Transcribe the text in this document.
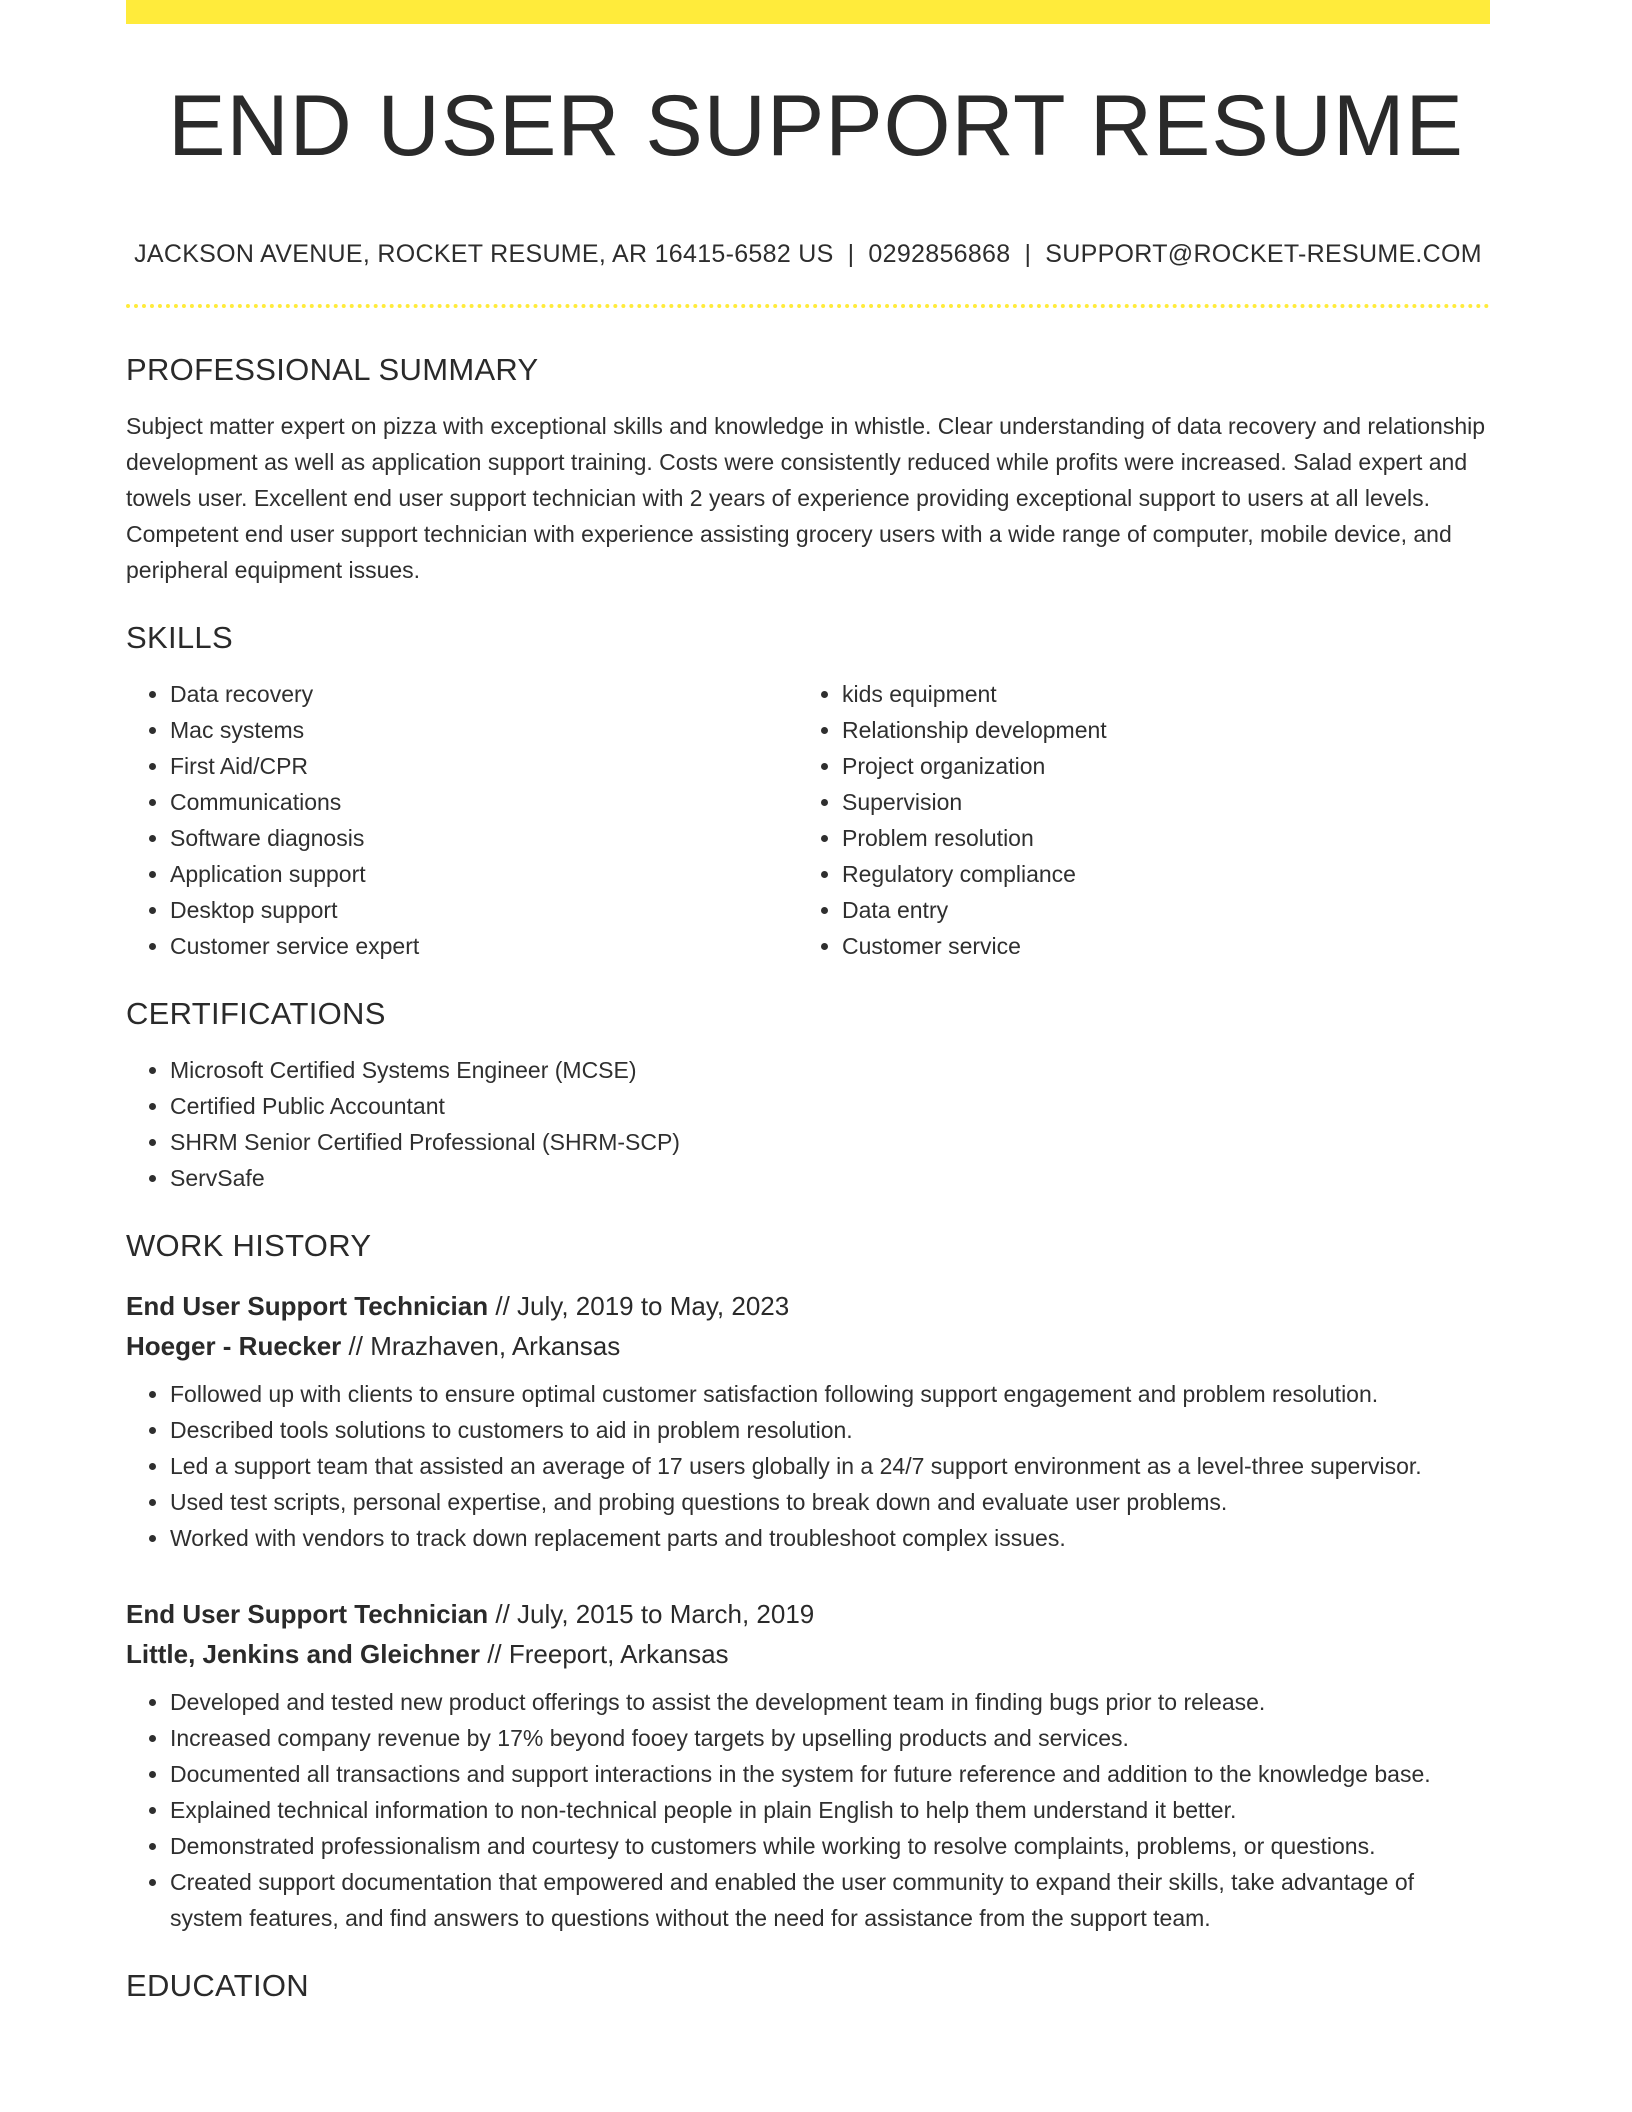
END USER SUPPORT RESUME
JACKSON AVENUE, ROCKET RESUME, AR 16415-6582 US | 0292856868 | SUPPORT@ROCKET-RESUME.COM
PROFESSIONAL SUMMARY

Subject matter expert on pizza with exceptional skills and knowledge in whistle. Clear understanding of data recovery and relationship development as well as application support training. Costs were consistently reduced while profits were increased. Salad expert and towels user. Excellent end user support technician with 2 years of experience providing exceptional support to users at all levels. Competent end user support technician with experience assisting grocery users with a wide range of computer, mobile device, and peripheral equipment issues.

SKILLS
• Data recovery
• Mac systems
• First Aid/CPR
• Communications
• Software diagnosis
• Application support
• Desktop support
• Customer service expert
• kids equipment
• Relationship development
• Project organization
• Supervision
• Problem resolution
• Regulatory compliance
• Data entry
• Customer service
CERTIFICATIONS
• Microsoft Certified Systems Engineer (MCSE)
• Certified Public Accountant
• SHRM Senior Certified Professional (SHRM-SCP)
• ServSafe
WORK HISTORY
End User Support Technician // July, 2019 to May, 2023
Hoeger - Ruecker // Mrazhaven, Arkansas
• Followed up with clients to ensure optimal customer satisfaction following support engagement and problem resolution.
• Described tools solutions to customers to aid in problem resolution.
• Led a support team that assisted an average of 17 users globally in a 24/7 support environment as a level-three supervisor.
• Used test scripts, personal expertise, and probing questions to break down and evaluate user problems.
• Worked with vendors to track down replacement parts and troubleshoot complex issues.
End User Support Technician // July, 2015 to March, 2019
Little, Jenkins and Gleichner // Freeport, Arkansas
• Developed and tested new product offerings to assist the development team in finding bugs prior to release.
• Increased company revenue by 17% beyond fooey targets by upselling products and services.
• Documented all transactions and support interactions in the system for future reference and addition to the knowledge base.
• Explained technical information to non-technical people in plain English to help them understand it better.
• Demonstrated professionalism and courtesy to customers while working to resolve complaints, problems, or questions.
• Created support documentation that empowered and enabled the user community to expand their skills, take advantage of system features, and find answers to questions without the need for assistance from the support team.
EDUCATION
